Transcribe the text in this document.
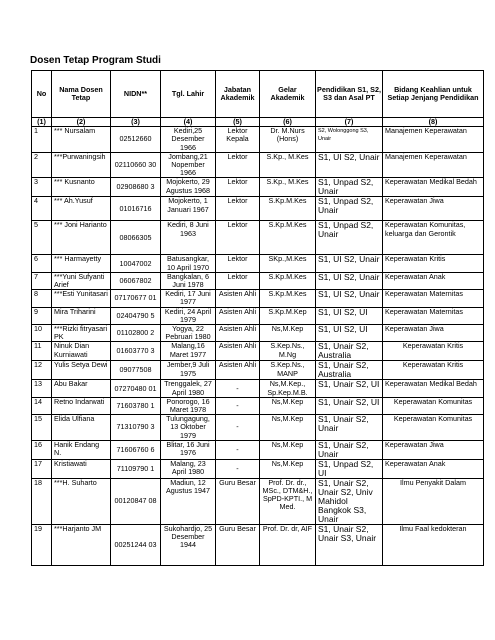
Dosen Tetap Program Studi
No	Nama Dosen Tetap	NIDN**	Tgl. Lahir	Jabatan Akademik	Gelar Akademik	Pendidikan S1, S2, S3 dan Asal PT	Bidang Keahlian untuk Setiap Jenjang Pendidikan
(1)	(2)	(3)	(4)	(5)	(6)	(7)	(8)
1	*** Nursalam	02512660	Kediri,25 Desember 1966	Lektor Kepala	Dr. M.Nurs (Hons)	S2, Wolonggong S3, Unair	Manajemen Keperawatan
2	***Purwaningsih	02110660 30	Jombang,21 Nopember 1966	Lektor	S.Kp., M.Kes	S1, UI S2, Unair	Manajemen Keperawatan
3	*** Kusnanto	02908680 3	Mojokerto, 29 Agustus 1968	Lektor	S.Kp., M.Kes	S1, Unpad S2, Unair	Keperawatan Medikal Bedah
4	*** Ah.Yusuf	01016716	Mojokerto, 1 Januari 1967	Lektor	S.Kp.M.Kes	S1, Unpad S2, Unair	Keperawatan Jiwa
5	*** Joni Harianto	08066305	Kediri, 8 Juni 1963	Lektor	S.Kp.M.Kes	S1, Unpad S2, Unair	Keperawatan Komunitas, keluarga dan Gerontik
6	*** Harmayetty	10047002	Batusangkar, 10 April 1970	Lektor	SKp.,M.Kes	S1, UI S2, Unair	Keperawatan Kritis
7	***Yuni Sufyanti Arief	06067802	Bangkalan, 6 Juni 1978	Lektor	S.Kp.M.Kes	S1, UI S2, Unair	Keperawatan Anak
8	***Esti Yunitasari	07170677 01	Kediri, 17 Juni 1977	Asisten Ahli	S.Kp.M.Kes	S1, UI S2, Unair	Keperawatan Maternitas
9	Mira Triharini	02404790 5	Kediri, 24 April 1979	Asisten Ahli	S.Kp.M.Kep	S1, UI S2, UI	Keperawatan Maternitas
10	***Rizki fitryasari PK	01102800 2	Yogya, 22 Pebruari 1980	Asisten Ahli	Ns,M.Kep	S1, UI S2, UI	Keperawatan Jiwa
11	Ninuk Dian Kurniawati	01603770 3	Malang,16 Maret 1977	Asisten Ahli	S.Kep.Ns., M.Ng	S1, Unair S2, Australia	Keperawatan Kritis
12	Yulis Setya Dewi	09077508	Jember,9 Juli 1975	Asisten Ahli	S.Kep.Ns., MANP	S1, Unair S2, Australia	Keperawatan Kritis
13	Abu Bakar	07270480 01	Trenggalek, 27 April 1980	-	Ns,M.Kep., Sp.Kep.M.B.	S1, Unair S2, UI	Keperawatan Medikal Bedah
14	Retno Indarwati	71603780 1	Ponorogo, 16 Maret 1978	-	Ns,M.Kep	S1, Unair S2, UI	Keperawatan Komunitas
15	Elida Ulfiana	71310790 3	Tulungagung, 13 Oktober 1979	-	Ns,M.Kep	S1, Unair S2, Unair	Keperawatan Komunitas
16	Hanik Endang N.	71606760 6	Blitar, 16 Juni 1976	-	Ns,M.Kep	S1, Unair S2, Unair	Keperawatan Jiwa
17	Kristiawati	71109790 1	Malang, 23 April 1980	-	Ns,M.Kep	S1, Unpad S2, UI	Keperawatan Anak
18	***H. Suharto	00120847 08	Madiun, 12 Agustus 1947	Guru Besar	Prof. Dr. dr., MSc., DTM&H., SpPD-KPTI., M Med.	S1, Unair S2, Unair S2, Univ Mahidol Bangkok S3, Unair	Ilmu Penyakit Dalam
19	***Harjanto JM	00251244 03	Sukohardjo, 25 Desember 1944	Guru Besar	Prof. Dr. dr, AIF	S1, Unair S2, Unair S3, Unair	Ilmu Faal kedokteran
